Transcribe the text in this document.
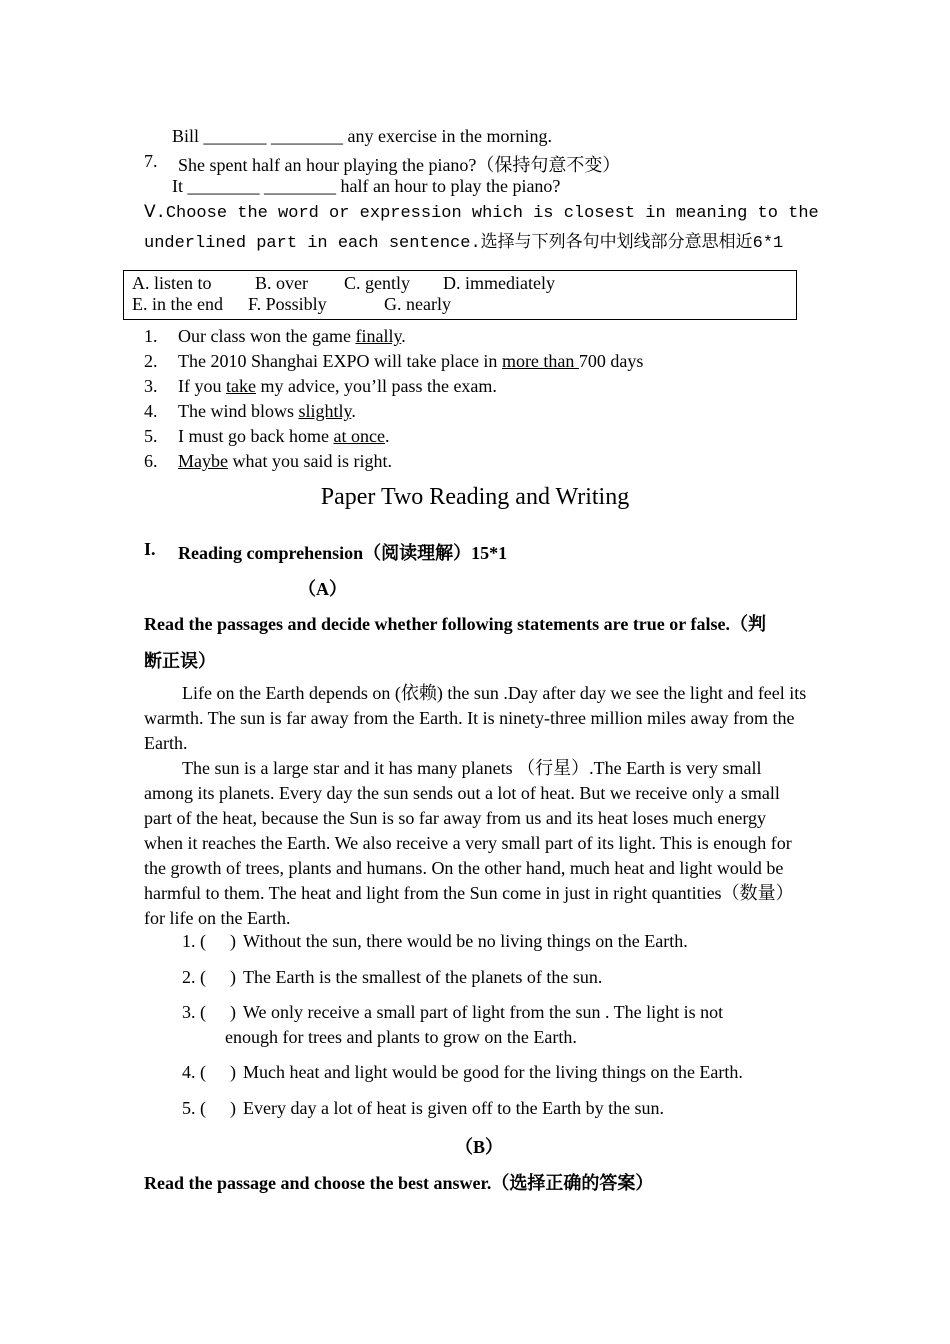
Bill _______ ________ any exercise in the morning.
7. She spent half an hour playing the piano?（保持句意不变）
It ________ ________ half an hour to play the piano?
Ⅴ.Choose the word or expression which is closest in meaning to the
underlined part in each sentence.选择与下列各句中划线部分意思相近6*1
A. listen to B. over C. gently D. immediately
E. in the end F. Possibly	G. nearly
1. Our class won the game finally.
2. The 2010 Shanghai EXPO will take place in more than 700 days
3. If you take my advice, you’ll pass the exam.
4. The wind blows slightly.
5. I must go back home at once.
6. Maybe what you said is right.
Paper Two Reading and Writing
I. Reading comprehension（阅读理解）15*1
（A）
Read the passages and decide whether following statements are true or false.（判
断正误）
Life on the Earth depends on (依赖) the sun .Day after day we see the light and feel its warmth. The sun is far away from the Earth. It is ninety-three million miles away from the Earth.
The sun is a large star and it has many planets （行星）.The Earth is very small among its planets. Every day the sun sends out a lot of heat. But we receive only a small part of the heat, because the Sun is so far away from us and its heat loses much energy when it reaches the Earth. We also receive a very small part of its light. This is enough for the growth of trees, plants and humans. On the other hand, much heat and light would be harmful to them. The heat and light from the Sun come in just in right quantities（数量） for life on the Earth.
1. ( ) Without the sun, there would be no living things on the Earth.
2. ( ) The Earth is the smallest of the planets of the sun.
3. ( ) We only receive a small part of light from the sun . The light is not
enough for trees and plants to grow on the Earth.
4. ( ) Much heat and light would be good for the living things on the Earth.
5. ( ) Every day a lot of heat is given off to the Earth by the sun.
（B）
Read the passage and choose the best answer.（选择正确的答案）
